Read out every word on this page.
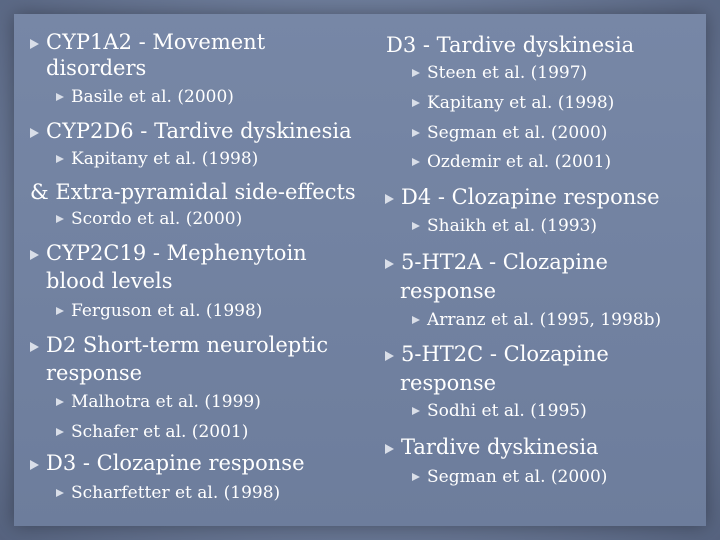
CYP1A2 - Movement
disorders
Basile et al. (2000)
CYP2D6 - Tardive dyskinesia
Kapitany et al. (1998)
& Extra-pyramidal side-effects
Scordo et al. (2000)
CYP2C19 - Mephenytoin
blood levels
Ferguson et al. (1998)
D2 Short-term neuroleptic
response
Malhotra et al. (1999)
Schafer et al. (2001)
D3 - Clozapine response
Scharfetter et al. (1998)
D3 - Tardive dyskinesia
Steen et al. (1997)
Kapitany et al. (1998)
Segman et al. (2000)
Ozdemir et al. (2001)
D4 - Clozapine response
Shaikh et al. (1993)
5-HT2A - Clozapine
response
Arranz et al. (1995, 1998b)
5-HT2C - Clozapine
response
Sodhi et al. (1995)
Tardive dyskinesia
Segman et al. (2000)
